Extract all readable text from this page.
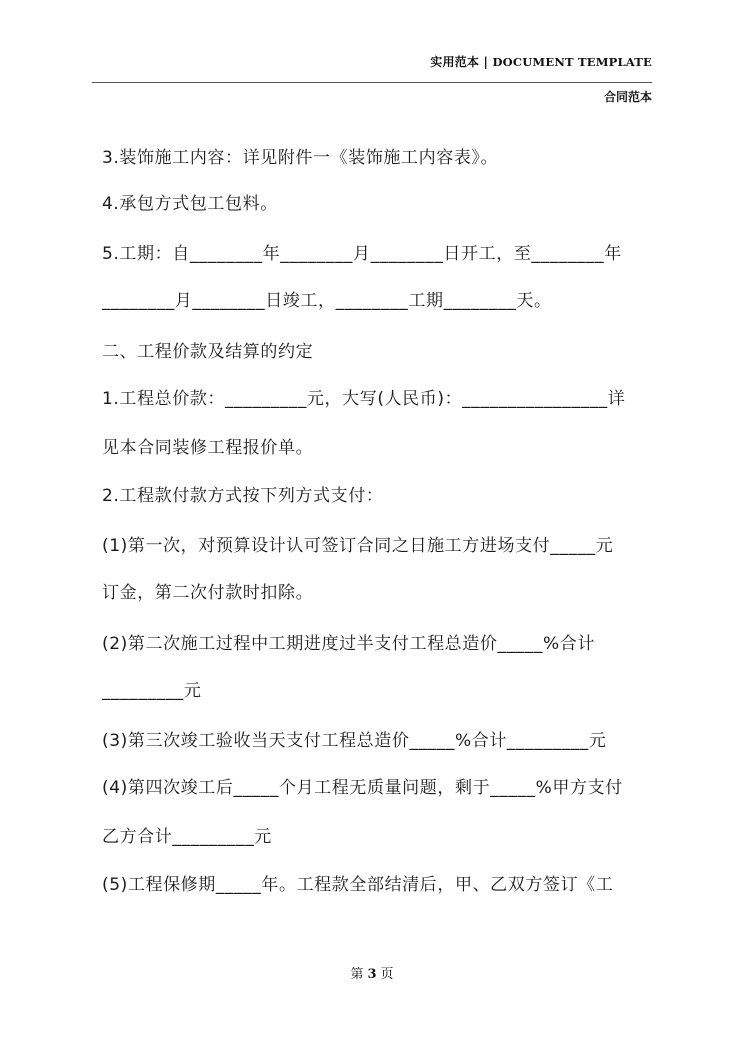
实用范本 | DOCUMENT TEMPLATE
合同范本
3.装饰施工内容：详见附件一《装饰施工内容表》。
4.承包方式包工包料。
5.工期：自________年________月________日开工，至________年
________月________日竣工，________工期________天。
二、工程价款及结算的约定
1.工程总价款：_________元，大写(人民币)：________________详
见本合同装修工程报价单。
2.工程款付款方式按下列方式支付：
(1)第一次，对预算设计认可签订合同之日施工方进场支付_____元
订金，第二次付款时扣除。
(2)第二次施工过程中工期进度过半支付工程总造价_____%合计
_________元
(3)第三次竣工验收当天支付工程总造价_____%合计_________元
(4)第四次竣工后_____个月工程无质量问题，剩于_____%甲方支付
乙方合计_________元
(5)工程保修期_____年。工程款全部结清后，甲、乙双方签订《工
第 3 页
